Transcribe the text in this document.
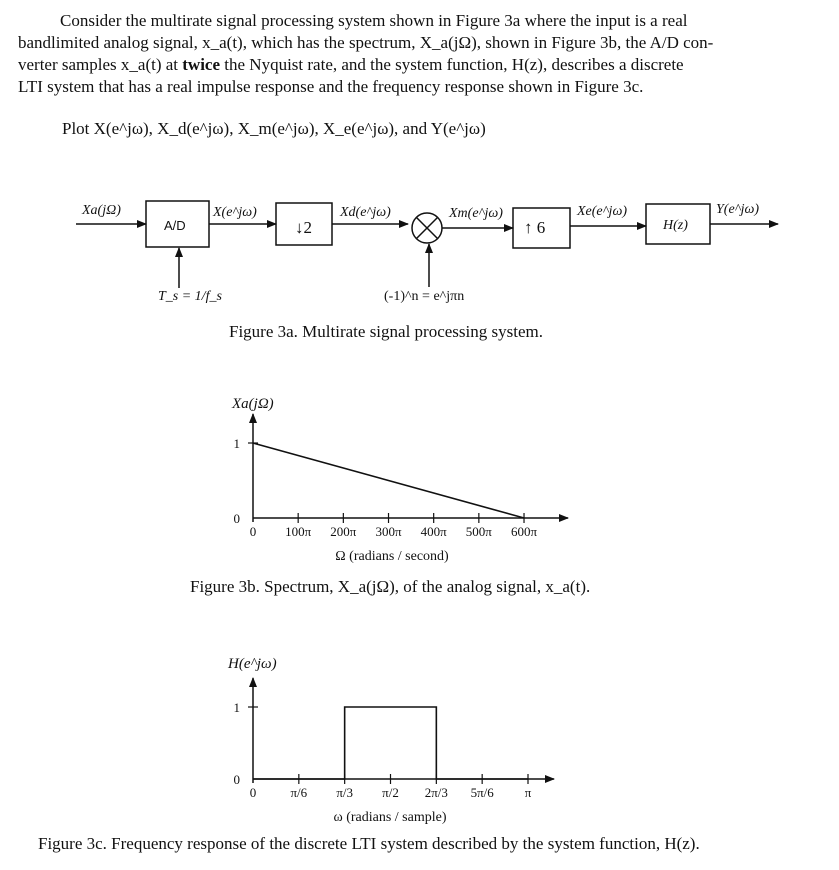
Consider the multirate signal processing system shown in Figure 3a where the input is a real
bandlimited analog signal, x_a(t), which has the spectrum, X_a(jΩ), shown in Figure 3b, the A/D con-
verter samples x_a(t) at twice the Nyquist rate, and the system function, H(z), describes a discrete
LTI system that has a real impulse response and the frequency response shown in Figure 3c.
Plot X(e^jω), X_d(e^jω), X_m(e^jω), X_e(e^jω), and Y(e^jω)
Xa(jΩ)
A/D
T_s = 1/f_s
X(e^jω)
↓2
Xd(e^jω)	Xm(e^jω)
↑ 6
Xe(e^jω)
H(z)
Y(e^jω)
(-1)^n = e^jπn
0 100π 200π 300π 400π 500π 600π
0
1
Xa(jΩ)
Ω (radians / second)
0	π/6 π/3 π/2 2π/3 5π/6 π
0
1
H(e^jω)
ω (radians / sample)
Figure 3a. Multirate signal processing system.
Figure 3b. Spectrum, X_a(jΩ), of the analog signal, x_a(t).
Figure 3c. Frequency response of the discrete LTI system described by the system function, H(z).
